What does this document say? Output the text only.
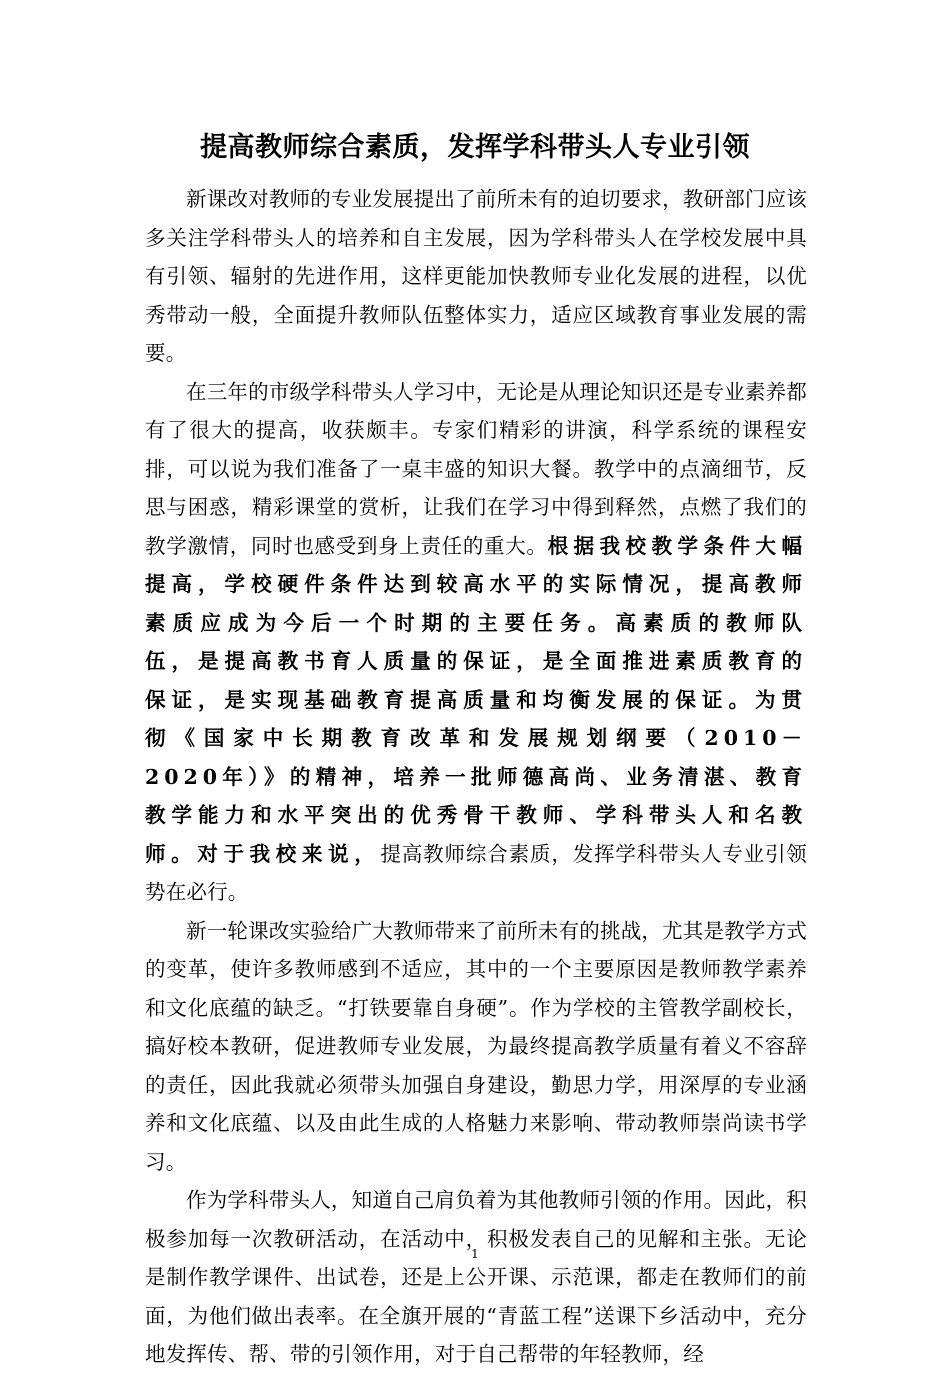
提高教师综合素质，发挥学科带头人专业引领

新课改对教师的专业发展提出了前所未有的迫切要求，教研部门应该多关注学科带头人的培养和自主发展，因为学科带头人在学校发展中具有引领、辐射的先进作用，这样更能加快教师专业化发展的进程，以优秀带动一般，全面提升教师队伍整体实力，适应区域教育事业发展的需要。

在三年的市级学科带头人学习中，无论是从理论知识还是专业素养都有了很大的提高，收获颇丰。专家们精彩的讲演，科学系统的课程安排，可以说为我们准备了一桌丰盛的知识大餐。教学中的点滴细节，反思与困惑，精彩课堂的赏析，让我们在学习中得到释然，点燃了我们的教学激情，同时也感受到身上责任的重大。根据我校教学条件大幅提高，学校硬件条件达到较高水平的实际情况，提高教师素质应成为今后一个时期的主要任务。高素质的教师队伍，是提高教书育人质量的保证，是全面推进素质教育的保证，是实现基础教育提高质量和均衡发展的保证。为贯彻《国家中长期教育改革和发展规划纲要（2010－2020年）》的精神，培养一批师德高尚、业务清湛、教育教学能力和水平突出的优秀骨干教师、学科带头人和名教师。对于我校来说，提高教师综合素质，发挥学科带头人专业引领势在必行。

新一轮课改实验给广大教师带来了前所未有的挑战，尤其是教学方式的变革，使许多教师感到不适应，其中的一个主要原因是教师教学素养和文化底蕴的缺乏。“打铁要靠自身硬”。作为学校的主管教学副校长，搞好校本教研，促进教师专业发展，为最终提高教学质量有着义不容辞的责任，因此我就必须带头加强自身建设，勤思力学，用深厚的专业涵养和文化底蕴、以及由此生成的人格魅力来影响、带动教师崇尚读书学习。

作为学科带头人，知道自己肩负着为其他教师引领的作用。因此，积极参加每一次教研活动，在活动中，积极发表自己的见解和主张。无论是制作教学课件、出试卷，还是上公开课、示范课，都走在教师们的前面，为他们做出表率。在全旗开展的“青蓝工程”送课下乡活动中，充分地发挥传、帮、带的引领作用，对于自己帮带的年轻教师，经

1
